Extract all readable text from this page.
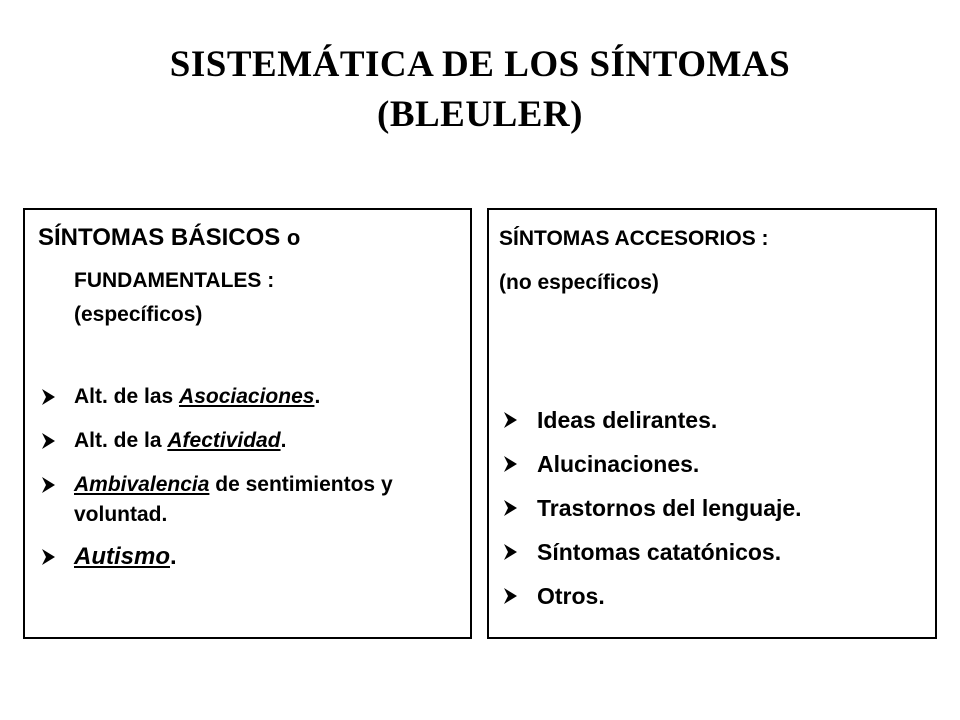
SISTEMÁTICA DE LOS SÍNTOMAS
(BLEULER)
SÍNTOMAS BÁSICOS o
FUNDAMENTALES :
(específicos)
Alt. de las Asociaciones.
Alt. de la Afectividad.
Ambivalencia de sentimientos y voluntad.
Autismo.
SÍNTOMAS ACCESORIOS :
(no específicos)
Ideas delirantes.
Alucinaciones.
Trastornos del lenguaje.
Síntomas catatónicos.
Otros.
